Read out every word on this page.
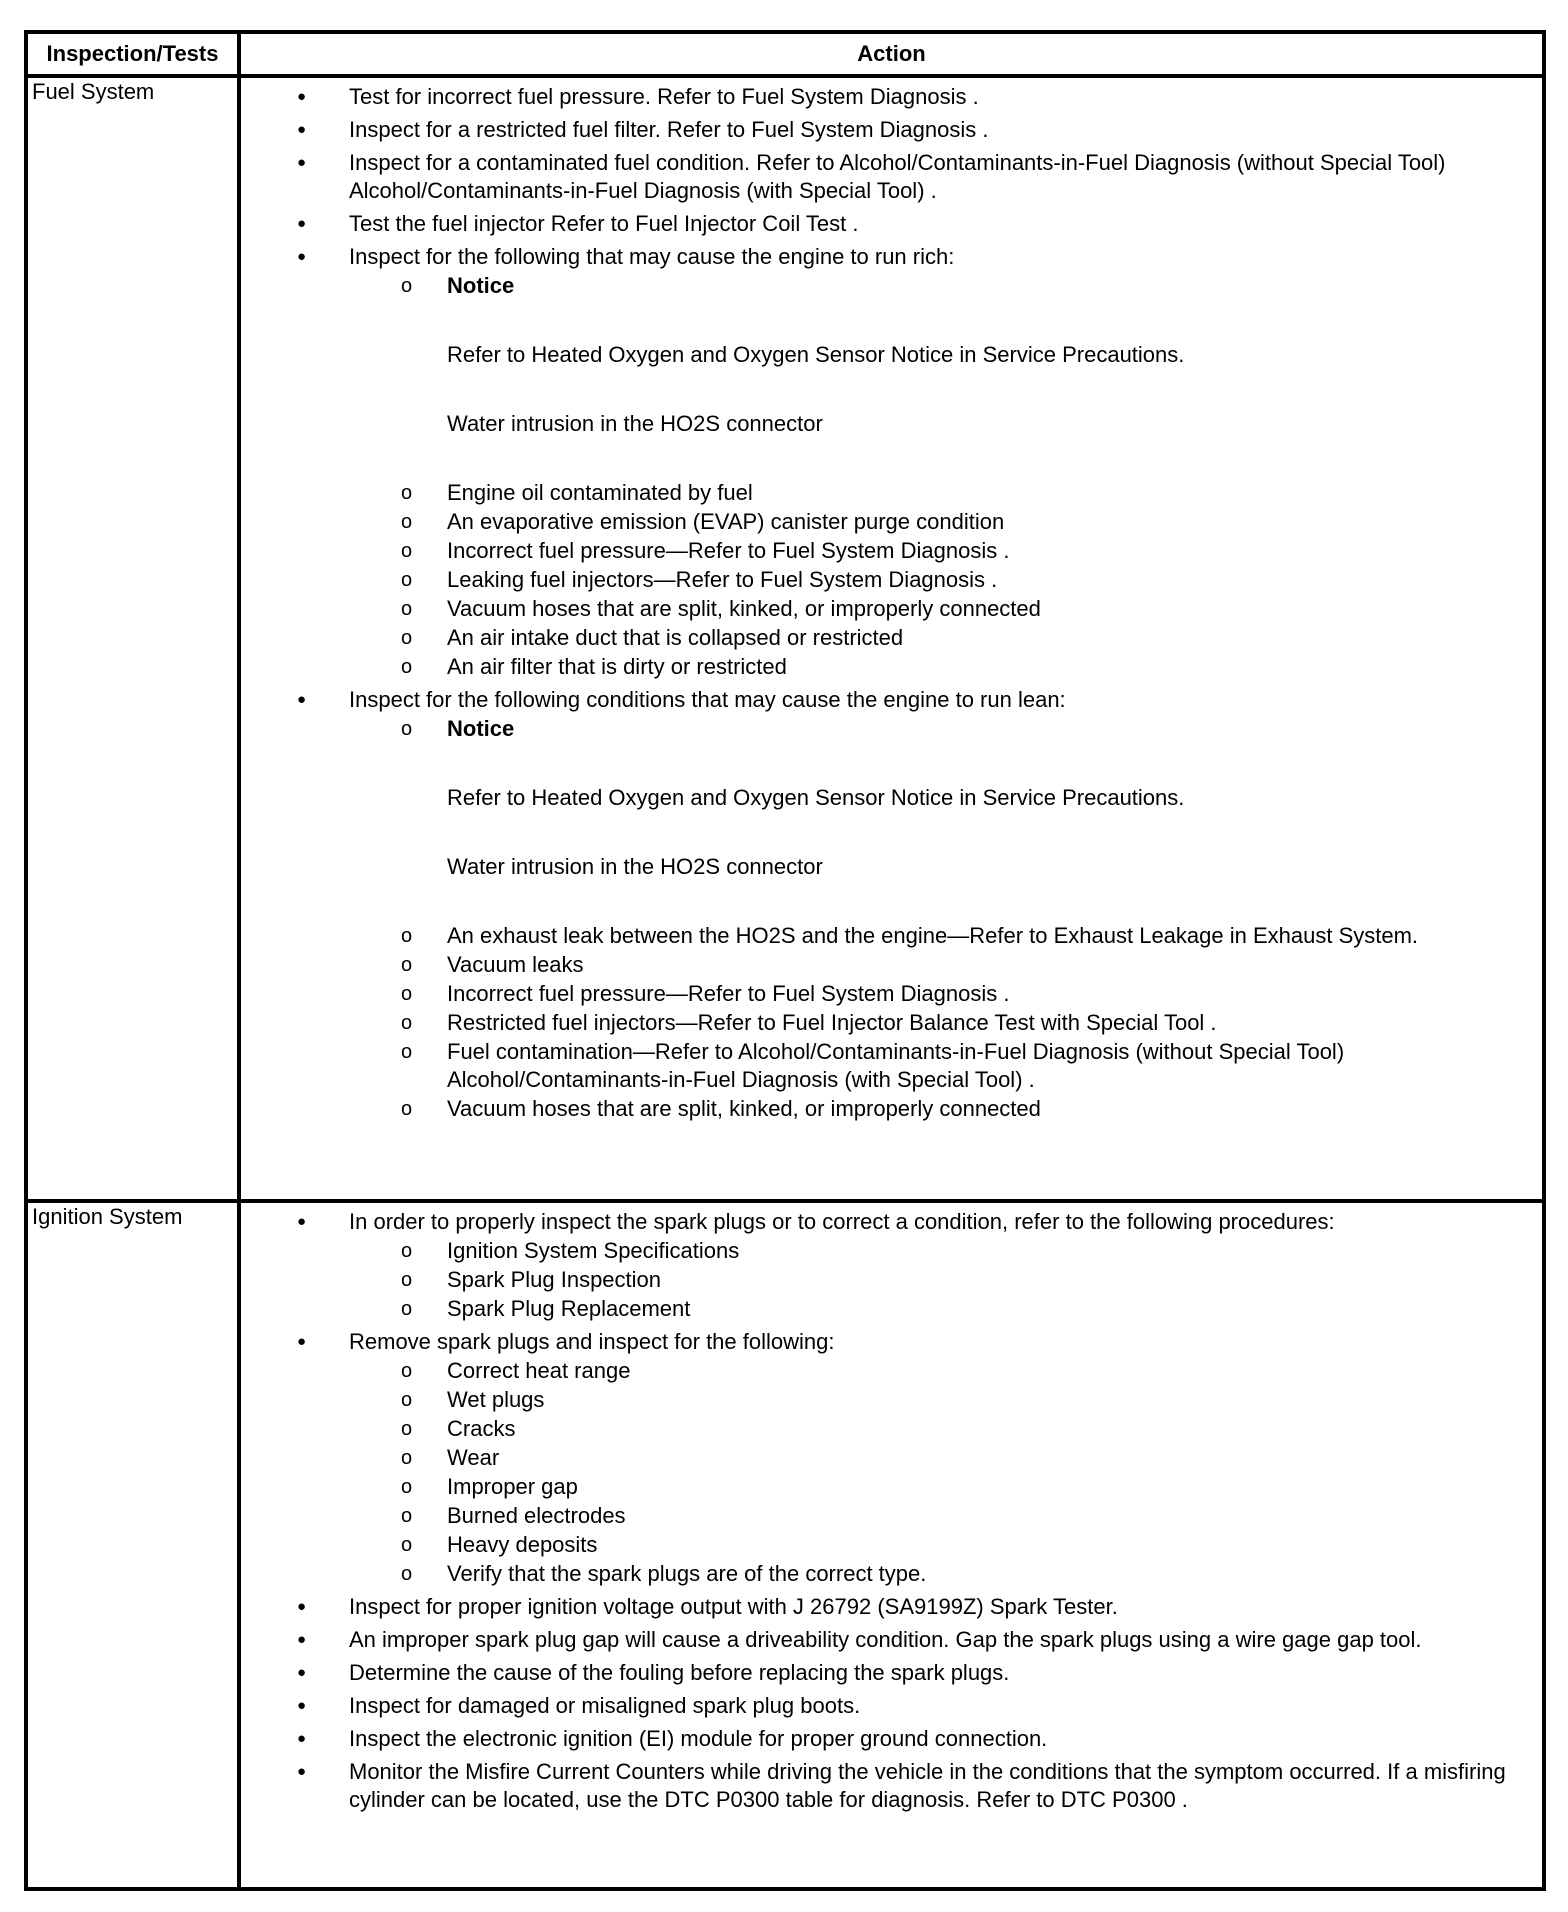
Inspection/Tests	Action
Fuel System	● Test for incorrect fuel pressure. Refer to Fuel System Diagnosis .
● Inspect for a restricted fuel filter. Refer to Fuel System Diagnosis .
● Inspect for a contaminated fuel condition. Refer to Alcohol/Contaminants-in-Fuel Diagnosis (without Special Tool) Alcohol/Contaminants-in-Fuel Diagnosis (with Special Tool) .
● Test the fuel injector Refer to Fuel Injector Coil Test .
● Inspect for the following that may cause the engine to run rich:
o Notice
Refer to Heated Oxygen and Oxygen Sensor Notice in Service Precautions.
Water intrusion in the HO2S connector
o Engine oil contaminated by fuel
o An evaporative emission (EVAP) canister purge condition
o Incorrect fuel pressure—Refer to Fuel System Diagnosis .
o Leaking fuel injectors—Refer to Fuel System Diagnosis .
o Vacuum hoses that are split, kinked, or improperly connected
o An air intake duct that is collapsed or restricted
o An air filter that is dirty or restricted
● Inspect for the following conditions that may cause the engine to run lean:
o Notice
Refer to Heated Oxygen and Oxygen Sensor Notice in Service Precautions.
Water intrusion in the HO2S connector
o An exhaust leak between the HO2S and the engine—Refer to Exhaust Leakage in Exhaust System.
o Vacuum leaks
o Incorrect fuel pressure—Refer to Fuel System Diagnosis .
o Restricted fuel injectors—Refer to Fuel Injector Balance Test with Special Tool .
o Fuel contamination—Refer to Alcohol/Contaminants-in-Fuel Diagnosis (without Special Tool) Alcohol/Contaminants-in-Fuel Diagnosis (with Special Tool) .
o Vacuum hoses that are split, kinked, or improperly connected
Ignition System	● In order to properly inspect the spark plugs or to correct a condition, refer to the following procedures:
o Ignition System Specifications
o Spark Plug Inspection
o Spark Plug Replacement
● Remove spark plugs and inspect for the following:
o Correct heat range
o Wet plugs
o Cracks
o Wear
o Improper gap
o Burned electrodes
o Heavy deposits
o Verify that the spark plugs are of the correct type.
● Inspect for proper ignition voltage output with J 26792 (SA9199Z) Spark Tester.
● An improper spark plug gap will cause a driveability condition. Gap the spark plugs using a wire gage gap tool.
● Determine the cause of the fouling before replacing the spark plugs.
● Inspect for damaged or misaligned spark plug boots.
● Inspect the electronic ignition (EI) module for proper ground connection.
● Monitor the Misfire Current Counters while driving the vehicle in the conditions that the symptom occurred. If a misfiring cylinder can be located, use the DTC P0300 table for diagnosis. Refer to DTC P0300 .
